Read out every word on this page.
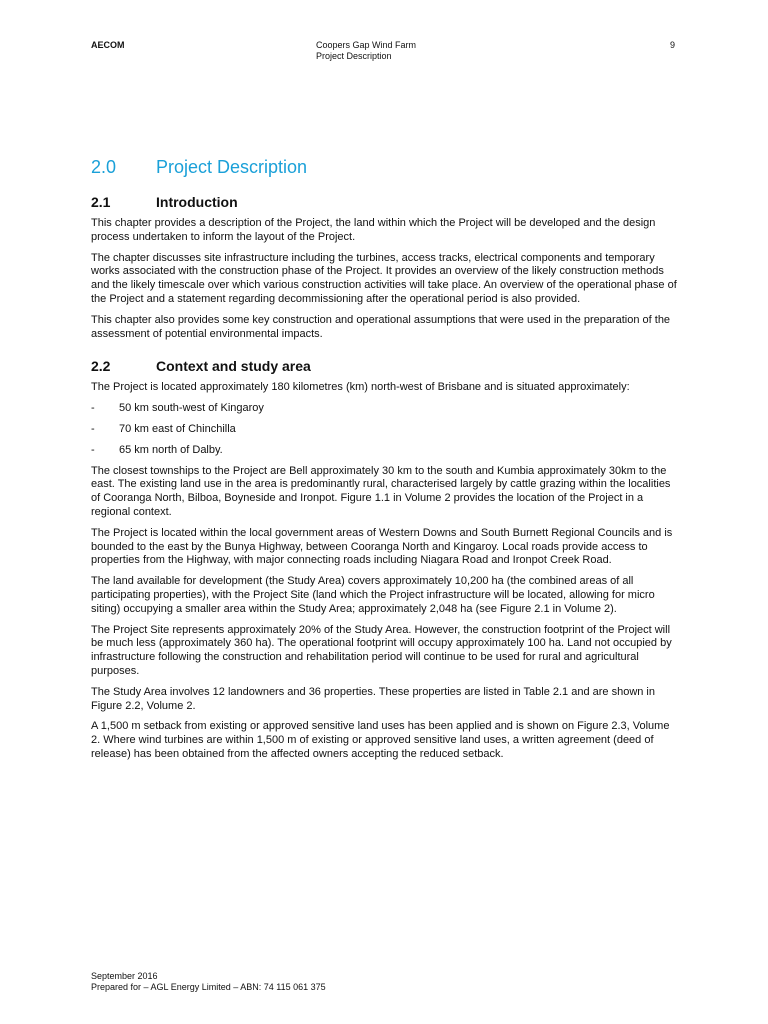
AECOM	Coopers Gap Wind Farm
Project Description
9
2.0 Project Description
2.1	Introduction

This chapter provides a description of the Project, the land within which the Project will be developed and the design process undertaken to inform the layout of the Project.

The chapter discusses site infrastructure including the turbines, access tracks, electrical components and temporary works associated with the construction phase of the Project. It provides an overview of the likely construction methods and the likely timescale over which various construction activities will take place. An overview of the operational phase of the Project and a statement regarding decommissioning after the operational period is also provided.

This chapter also provides some key construction and operational assumptions that were used in the preparation of the assessment of potential environmental impacts.

2.2	Context and study area

The Project is located approximately 180 kilometres (km) north-west of Brisbane and is situated approximately:

- 50 km south-west of Kingaroy
- 70 km east of Chinchilla
- 65 km north of Dalby.

The closest townships to the Project are Bell approximately 30 km to the south and Kumbia approximately 30km to the east. The existing land use in the area is predominantly rural, characterised largely by cattle grazing within the localities of Cooranga North, Bilboa, Boyneside and Ironpot. Figure 1.1 in Volume 2 provides the location of the Project in a regional context.

The Project is located within the local government areas of Western Downs and South Burnett Regional Councils and is bounded to the east by the Bunya Highway, between Cooranga North and Kingaroy. Local roads provide access to properties from the Highway, with major connecting roads including Niagara Road and Ironpot Creek Road.

The land available for development (the Study Area) covers approximately 10,200 ha (the combined areas of all participating properties), with the Project Site (land which the Project infrastructure will be located, allowing for micro siting) occupying a smaller area within the Study Area; approximately 2,048 ha (see Figure 2.1 in Volume 2).

The Project Site represents approximately 20% of the Study Area. However, the construction footprint of the Project will be much less (approximately 360 ha). The operational footprint will occupy approximately 100 ha. Land not occupied by infrastructure following the construction and rehabilitation period will continue to be used for rural and agricultural purposes.

The Study Area involves 12 landowners and 36 properties. These properties are listed in Table 2.1 and are shown in Figure 2.2, Volume 2.

A 1,500 m setback from existing or approved sensitive land uses has been applied and is shown on Figure 2.3, Volume 2. Where wind turbines are within 1,500 m of existing or approved sensitive land uses, a written agreement (deed of release) has been obtained from the affected owners accepting the reduced setback.

September 2016
Prepared for – AGL Energy Limited – ABN: 74 115 061 375
